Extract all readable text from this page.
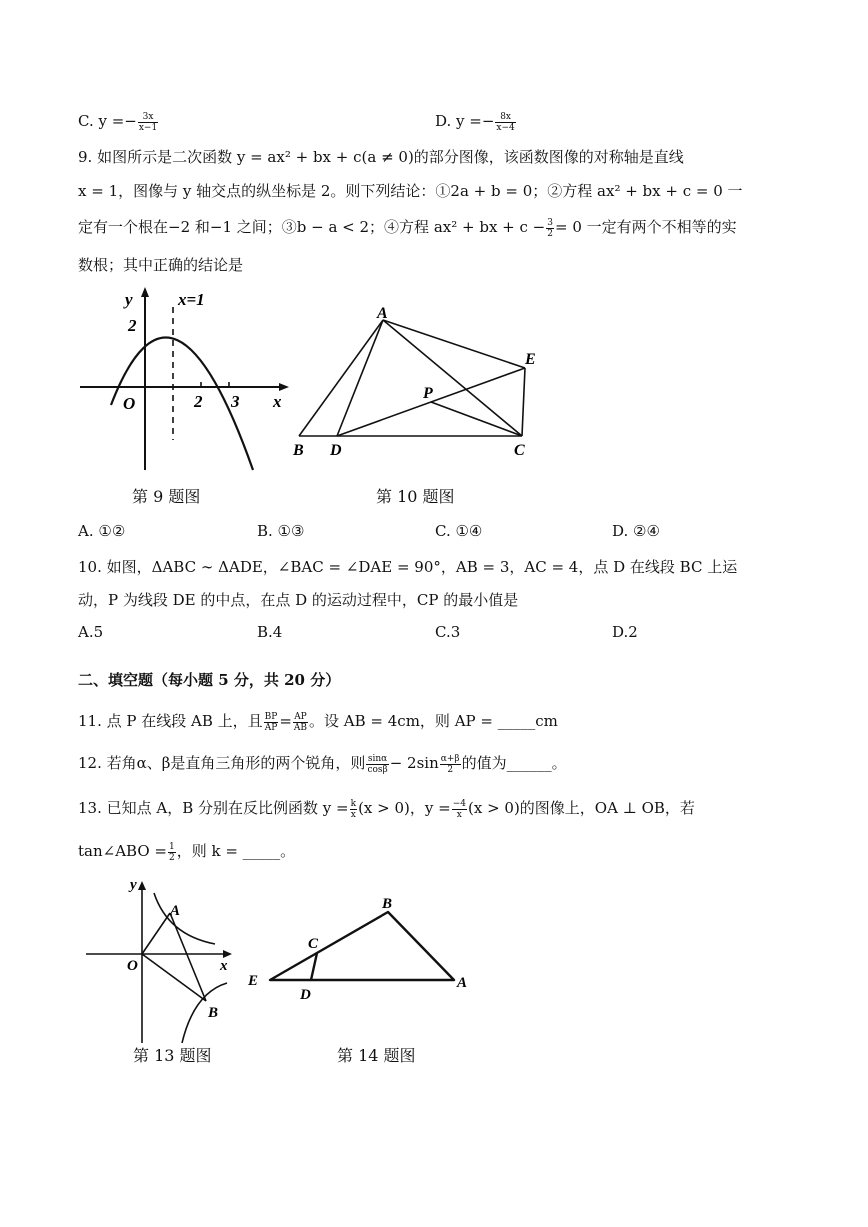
C. $y =- \frac{3x}{x-1}$	D. $y =- \frac{8x}{x-4}$
9. 如图所示是二次函数 y = ax² + bx + c(a ≠ 0)的部分图像，该函数图像的对称轴是直线
x = 1，图像与 y 轴交点的纵坐标是 2。则下列结论：①2a + b = 0；②方程 ax² + bx + c = 0 一
定有一个根在−2 和−1 之间；③b − a < 2；④方程 ax² + bx + $c - \frac{3}{2} = 0$ 一定有两个不相等的实
数根；其中正确的结论是
y
x
O
2
x=1
2 3
第 9 题图
A
B	C
D
E
P
第 10 题图
A. ①②	B. ①③	C. ①④	D. ②④
10. 如图，ΔABC ∼ ΔADE，∠BAC = ∠DAE = 90°，AB = 3，AC = 4，点 D 在线段 BC 上运
动，P 为线段 DE 的中点，在点 D 的运动过程中，CP 的最小值是
A.5	B.4	C.3	D.2
二、填空题（每小题 5 分，共 20 分）
11. 点 P 在线段 AB 上，且 $\frac{BP}{AP} = \frac{AP}{AB}$ 。设 AB = 4cm，则 AP = _____cm
12. 若角α、β是直角三角形的两个锐角，则 $\frac{\sin\alpha}{\cos\beta} - 2\sin \frac{\alpha+\beta}{2}$ 的值为______。
13. 已知点 A，B 分别在反比例函数 $y = \frac{k}{x} (x > 0)$，$y = \frac{-4}{x} (x > 0)$的图像上，OA ⊥ OB，若
tan∠ABO = $\frac{1}{2}$ ，则 k = _____。
y
x
O
A
B
第 13 题图
B
C
E
D
A
第 14 题图
